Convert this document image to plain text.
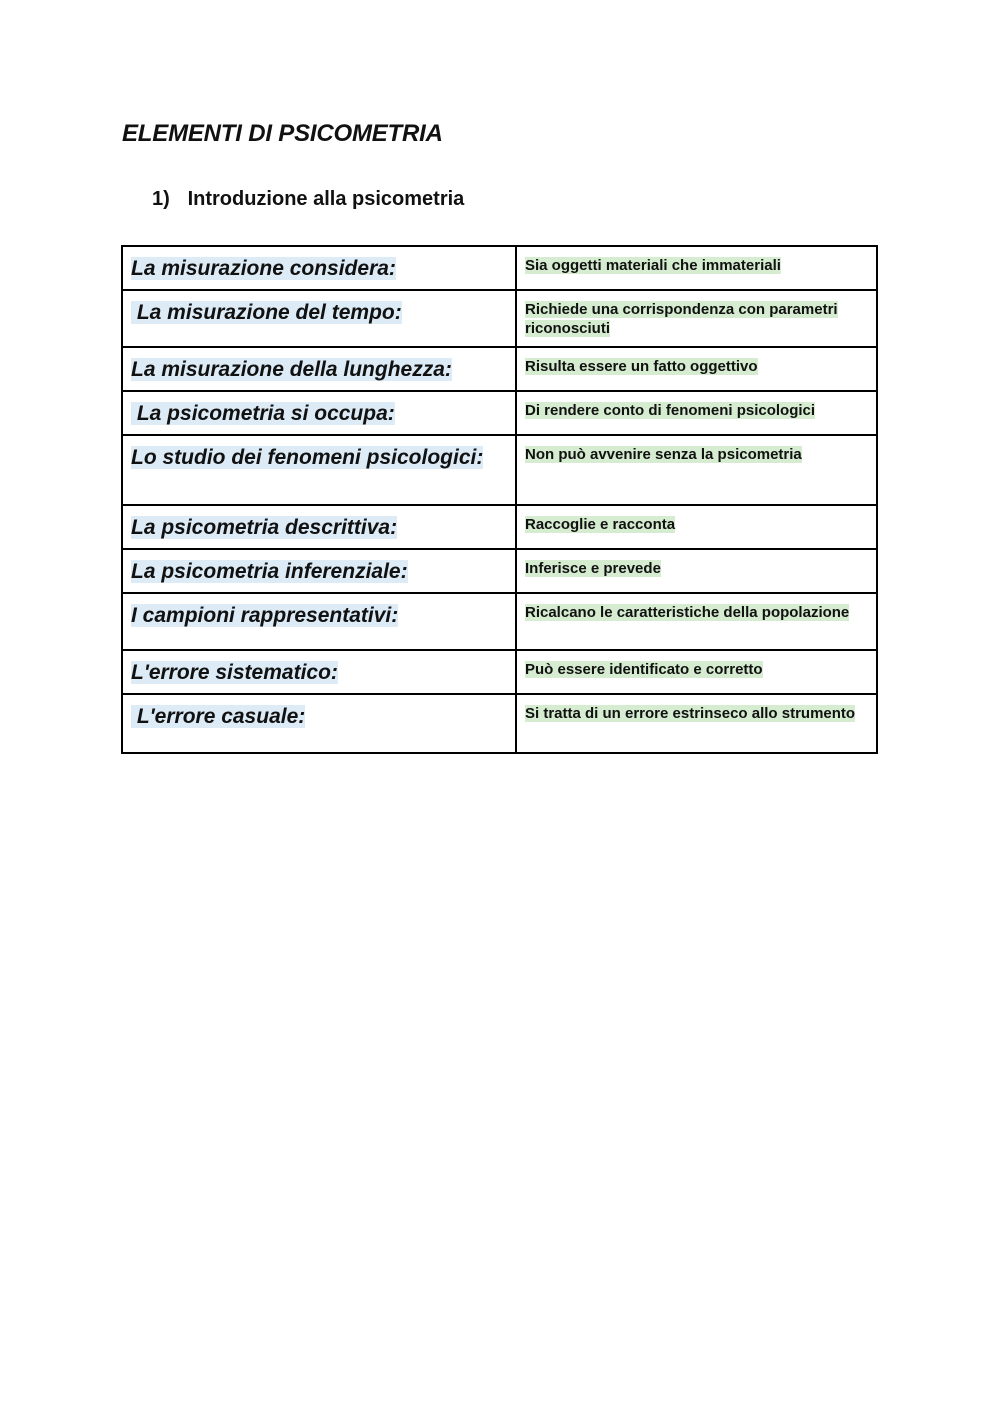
ELEMENTI DI PSICOMETRIA
1) Introduzione alla psicometria
La misurazione considera:	Sia oggetti materiali che immateriali
La misurazione del tempo:	Richiede una corrispondenza con parametri riconosciuti
La misurazione della lunghezza:	Risulta essere un fatto oggettivo
La psicometria si occupa:	Di rendere conto di fenomeni psicologici
Lo studio dei fenomeni psicologici:	Non può avvenire senza la psicometria
La psicometria descrittiva:	Raccoglie e racconta
La psicometria inferenziale:	Inferisce e prevede
I campioni rappresentativi:	Ricalcano le caratteristiche della popolazione
L'errore sistematico:	Può essere identificato e corretto
L'errore casuale:	Si tratta di un errore estrinseco allo strumento
